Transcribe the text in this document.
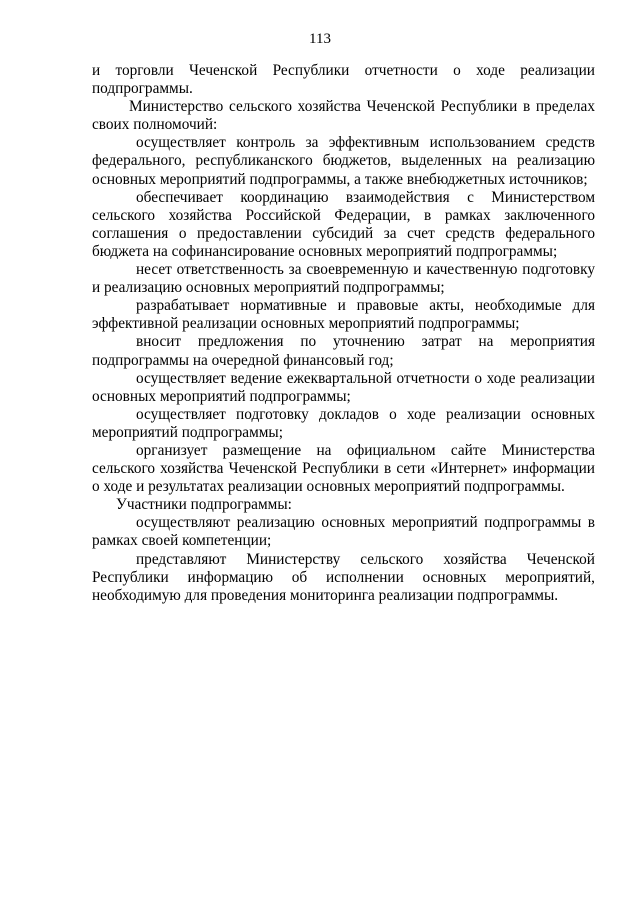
113

и торговли Чеченской Республики отчетности о ходе реализации подпрограммы.

Министерство сельского хозяйства Чеченской Республики в пределах своих полномочий:

осуществляет контроль за эффективным использованием средств федерального, республиканского бюджетов, выделенных на реализацию основных мероприятий подпрограммы, а также внебюджетных источников;

обеспечивает координацию взаимодействия с Министерством сельского хозяйства Российской Федерации, в рамках заключенного соглашения о предоставлении субсидий за счет средств федерального бюджета на софинансирование основных мероприятий подпрограммы;

несет ответственность за своевременную и качественную подготовку и реализацию основных мероприятий подпрограммы;

разрабатывает нормативные и правовые акты, необходимые для эффективной реализации основных мероприятий подпрограммы;

вносит предложения по уточнению затрат на мероприятия подпрограммы на очередной финансовый год;

осуществляет ведение ежеквартальной отчетности о ходе реализации основных мероприятий подпрограммы;

осуществляет подготовку докладов о ходе реализации основных мероприятий подпрограммы;

организует размещение на официальном сайте Министерства сельского хозяйства Чеченской Республики в сети «Интернет» информации о ходе и результатах реализации основных мероприятий подпрограммы.

Участники подпрограммы:

осуществляют реализацию основных мероприятий подпрограммы в рамках своей компетенции;

представляют Министерству сельского хозяйства Чеченской Республики информацию об исполнении основных мероприятий, необходимую для проведения мониторинга реализации подпрограммы.
